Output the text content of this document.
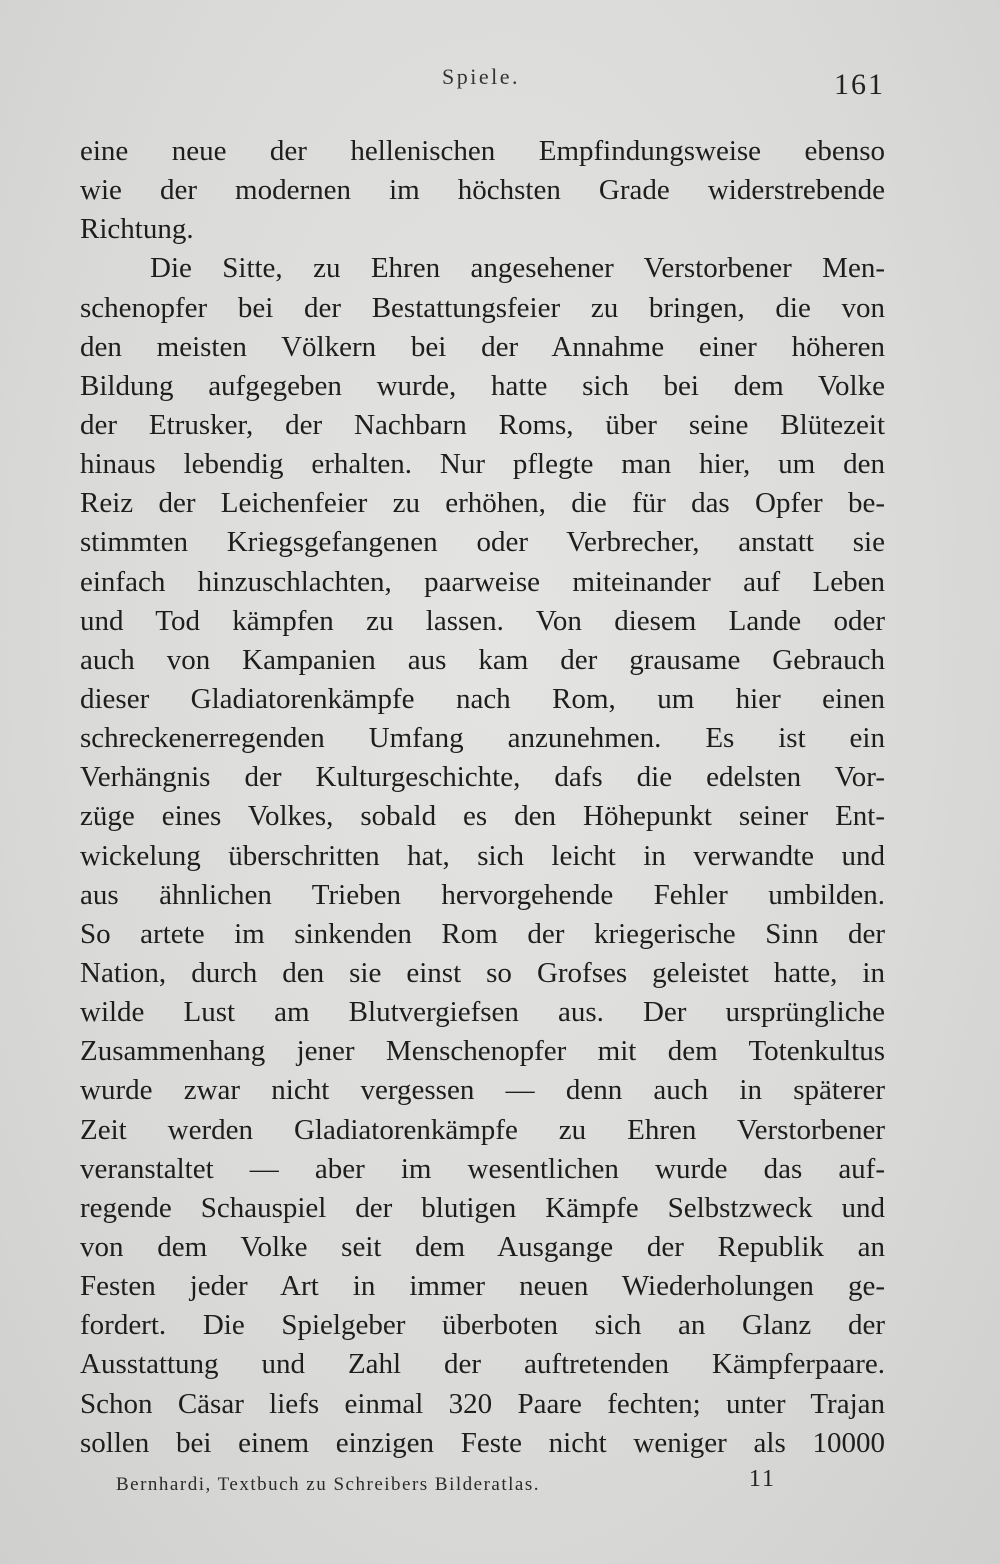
Spiele.	161
eine neue der hellenischen Empfindungsweise ebenso
wie der modernen im höchsten Grade widerstrebende
Richtung.
Die Sitte, zu Ehren angesehener Verstorbener Men-
schenopfer bei der Bestattungsfeier zu bringen, die von
den meisten Völkern bei der Annahme einer höheren
Bildung aufgegeben wurde, hatte sich bei dem Volke
der Etrusker, der Nachbarn Roms, über seine Blütezeit
hinaus lebendig erhalten. Nur pflegte man hier, um den
Reiz der Leichenfeier zu erhöhen, die für das Opfer be-
stimmten Kriegsgefangenen oder Verbrecher, anstatt sie
einfach hinzuschlachten, paarweise miteinander auf Leben
und Tod kämpfen zu lassen. Von diesem Lande oder
auch von Kampanien aus kam der grausame Gebrauch
dieser Gladiatorenkämpfe nach Rom, um hier einen
schreckenerregenden Umfang anzunehmen. Es ist ein
Verhängnis der Kulturgeschichte, dafs die edelsten Vor-
züge eines Volkes, sobald es den Höhepunkt seiner Ent-
wickelung überschritten hat, sich leicht in verwandte und
aus ähnlichen Trieben hervorgehende Fehler umbilden.
So artete im sinkenden Rom der kriegerische Sinn der
Nation, durch den sie einst so Grofses geleistet hatte, in
wilde Lust am Blutvergiefsen aus. Der ursprüngliche
Zusammenhang jener Menschenopfer mit dem Totenkultus
wurde zwar nicht vergessen — denn auch in späterer
Zeit werden Gladiatorenkämpfe zu Ehren Verstorbener
veranstaltet — aber im wesentlichen wurde das auf-
regende Schauspiel der blutigen Kämpfe Selbstzweck und
von dem Volke seit dem Ausgange der Republik an
Festen jeder Art in immer neuen Wiederholungen ge-
fordert. Die Spielgeber überboten sich an Glanz der
Ausstattung und Zahl der auftretenden Kämpferpaare.
Schon Cäsar liefs einmal 320 Paare fechten; unter Trajan
sollen bei einem einzigen Feste nicht weniger als 10000
Bernhardi, Textbuch zu Schreibers Bilderatlas.	11
